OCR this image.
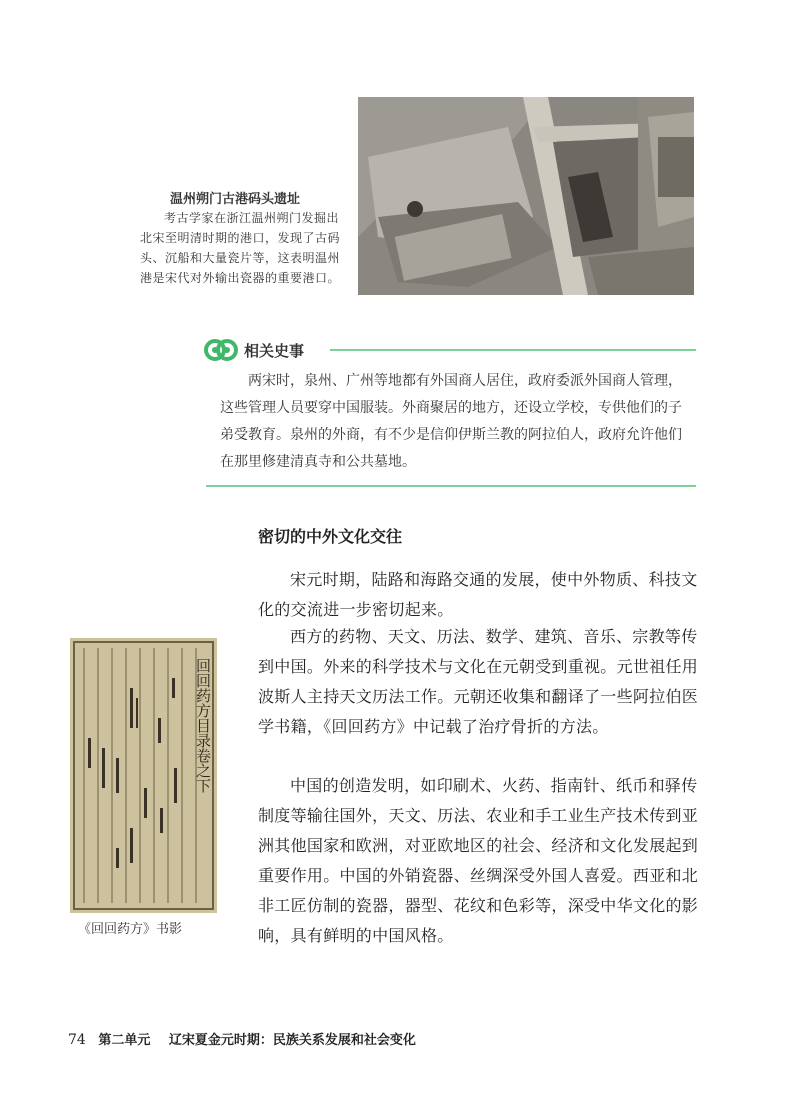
温州朔门古港码头遗址
考古学家在浙江温州朔门发掘出北宋至明清时期的港口，发现了古码头、沉船和大量瓷片等，这表明温州港是宋代对外输出瓷器的重要港口。
相关史事
两宋时，泉州、广州等地都有外国商人居住，政府委派外国商人管理，这些管理人员要穿中国服装。外商聚居的地方，还设立学校，专供他们的子弟受教育。泉州的外商，有不少是信仰伊斯兰教的阿拉伯人，政府允许他们在那里修建清真寺和公共墓地。
密切的中外文化交往
宋元时期，陆路和海路交通的发展，使中外物质、科技文化的交流进一步密切起来。
西方的药物、天文、历法、数学、建筑、音乐、宗教等传到中国。外来的科学技术与文化在元朝受到重视。元世祖任用波斯人主持天文历法工作。元朝还收集和翻译了一些阿拉伯医学书籍，《回回药方》中记载了治疗骨折的方法。
中国的创造发明，如印刷术、火药、指南针、纸币和驿传制度等输往国外，天文、历法、农业和手工业生产技术传到亚洲其他国家和欧洲，对亚欧地区的社会、经济和文化发展起到重要作用。中国的外销瓷器、丝绸深受外国人喜爱。西亚和北非工匠仿制的瓷器，器型、花纹和色彩等，深受中华文化的影响，具有鲜明的中国风格。
回回药方目录卷之下
《回回药方》书影
74 第二单元 辽宋夏金元时期：民族关系发展和社会变化
